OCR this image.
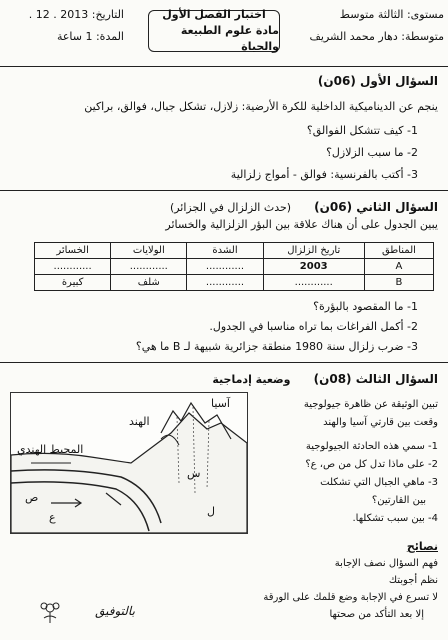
التاريخ: 2013 . 12 .
المدة: 1 ساعة
اختبار الفصل الأول
مادة علوم الطبيعة والحياة
مستوى: الثالثة متوسط
متوسطة: دهار محمد الشريف
السؤال الأول (06ن)
ينجم عن الديناميكية الداخلية للكرة الأرضية: زلازل، تشكل جبال، فوالق، براكين
1- كيف تتشكل الفوالق؟
2- ما سبب الزلازل؟
3- أكتب بالفرنسية: فوالق - أمواج زلزالية
السؤال الثاني (06ن) (حدث الزلزال في الجزائر)
يبين الجدول على أن هناك علاقة بين البؤر الزلزالية والخسائر
المناطق	تاريخ الزلزال	الشدة	الولايات	الخسائر
A	2003	............	............	............
B	............	............	شلف	كبيرة
1- ما المقصود بالبؤرة؟
2- أكمل الفراغات بما تراه مناسبا في الجدول.
3- ضرب زلزال سنة 1980 منطقة جزائرية شبيهة لـ B ما هي؟
السؤال الثالث (08ن) وضعية إدماجية
الهند
آسيا
المحيط الهندي
س
ل
ص
ع
تبين الوثيقة عن ظاهرة جيولوجية
وقعت بين قارتي آسيا والهند
1- سمي هذه الحادثة الجيولوجية
2- على ماذا تدل كل من ص، ع؟
3- ماهي الجبال التي تشكلت
بين القارتين؟
4- بين سبب تشكلها.
نصائح
فهم السؤال نصف الإجابة
نظم أجوبتك
لا تسرع في الإجابة وضع قلمك على الورقة
إلا بعد التأكد من صحتها
بالتوفيق
